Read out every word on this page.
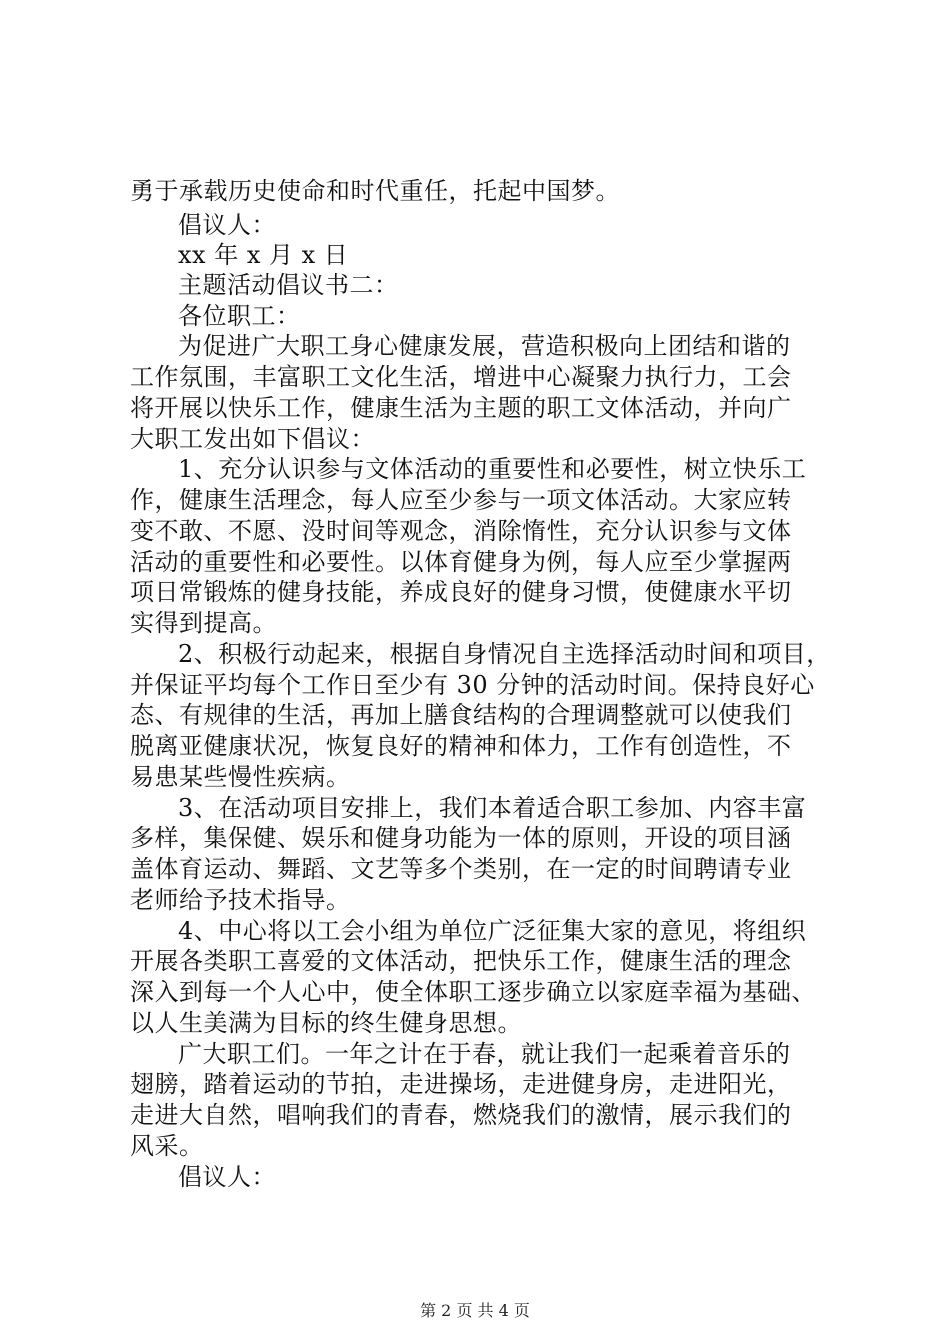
勇于承载历史使命和时代重任，托起中国梦。
倡议人：
xx 年 x 月 x 日
主题活动倡议书二：
各位职工：
为促进广大职工身心健康发展，营造积极向上团结和谐的
工作氛围，丰富职工文化生活，增进中心凝聚力执行力，工会
将开展以快乐工作，健康生活为主题的职工文体活动，并向广
大职工发出如下倡议：
1、充分认识参与文体活动的重要性和必要性，树立快乐工
作，健康生活理念，每人应至少参与一项文体活动。大家应转
变不敢、不愿、没时间等观念，消除惰性，充分认识参与文体
活动的重要性和必要性。以体育健身为例，每人应至少掌握两
项日常锻炼的健身技能，养成良好的健身习惯，使健康水平切
实得到提高。
2、积极行动起来，根据自身情况自主选择活动时间和项目，
并保证平均每个工作日至少有 30 分钟的活动时间。保持良好心
态、有规律的生活，再加上膳食结构的合理调整就可以使我们
脱离亚健康状况，恢复良好的精神和体力，工作有创造性，不
易患某些慢性疾病。
3、在活动项目安排上，我们本着适合职工参加、内容丰富
多样，集保健、娱乐和健身功能为一体的原则，开设的项目涵
盖体育运动、舞蹈、文艺等多个类别，在一定的时间聘请专业
老师给予技术指导。
4、中心将以工会小组为单位广泛征集大家的意见，将组织
开展各类职工喜爱的文体活动，把快乐工作，健康生活的理念
深入到每一个人心中，使全体职工逐步确立以家庭幸福为基础、
以人生美满为目标的终生健身思想。
广大职工们。一年之计在于春，就让我们一起乘着音乐的
翅膀，踏着运动的节拍，走进操场，走进健身房，走进阳光，
走进大自然，唱响我们的青春，燃烧我们的激情，展示我们的
风采。
倡议人：
第 2 页 共 4 页
